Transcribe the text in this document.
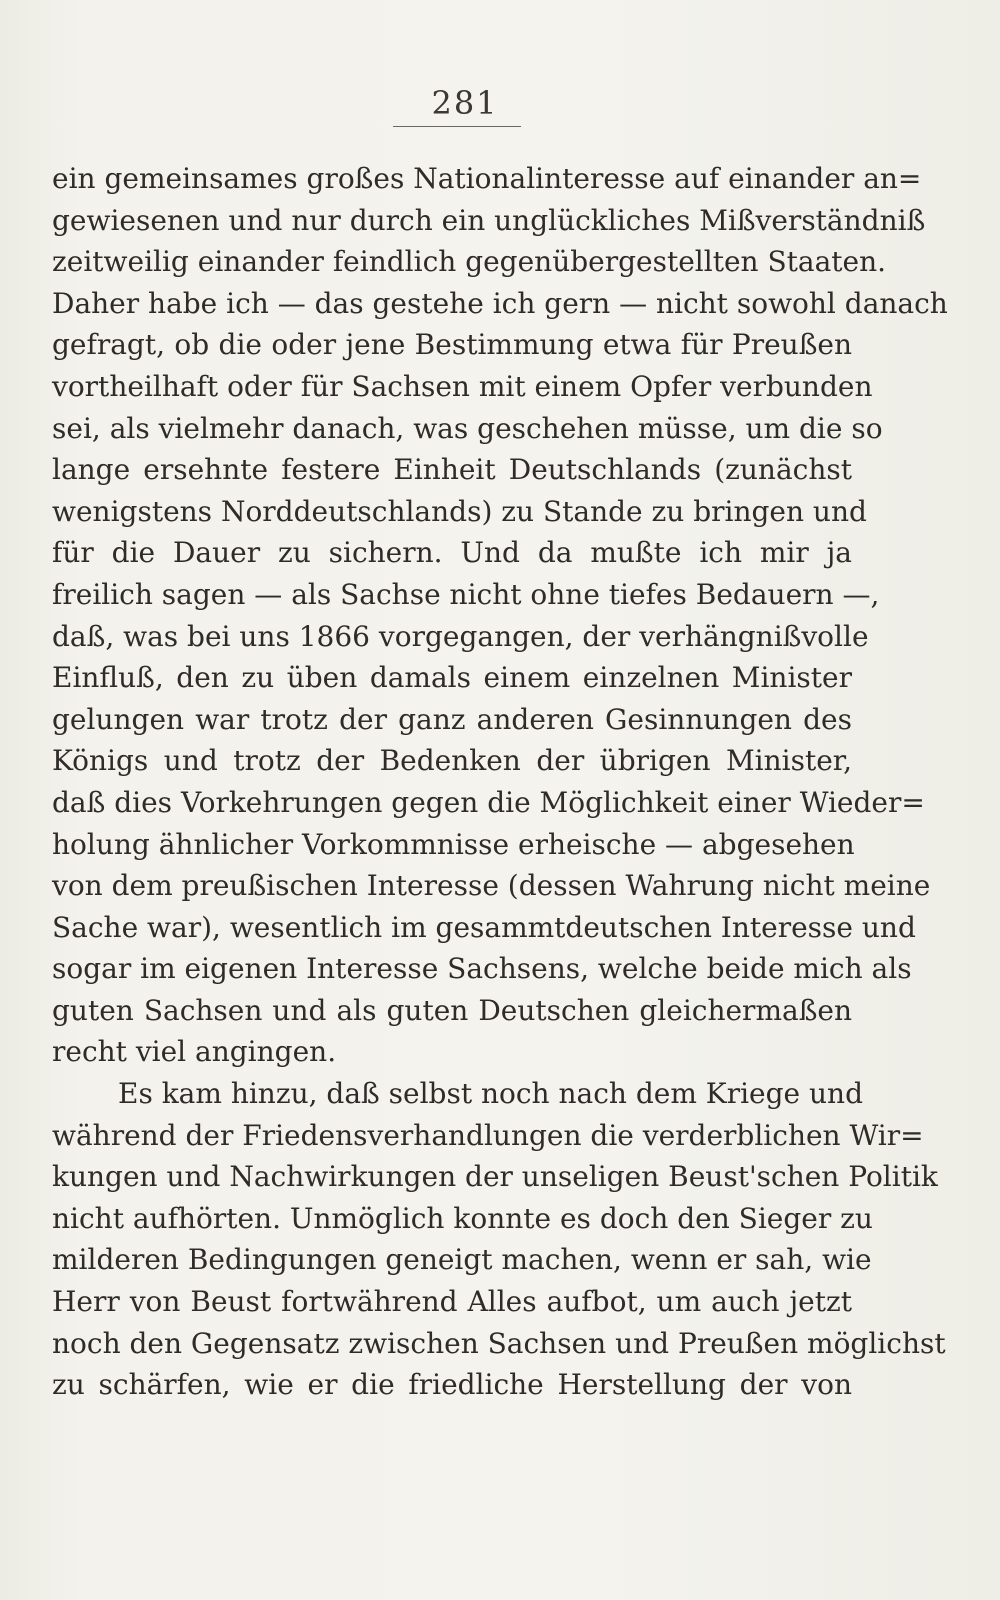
281
ein gemeinsames großes Nationalinteresse auf einander an=
gewiesenen und nur durch ein unglückliches Mißverständniß
zeitweilig einander feindlich gegenübergestellten Staaten.
Daher habe ich — das gestehe ich gern — nicht sowohl danach
gefragt, ob die oder jene Bestimmung etwa für Preußen
vortheilhaft oder für Sachsen mit einem Opfer verbunden
sei, als vielmehr danach, was geschehen müsse, um die so
lange ersehnte festere Einheit Deutschlands (zunächst
wenigstens Norddeutschlands) zu Stande zu bringen und
für die Dauer zu sichern. Und da mußte ich mir ja
freilich sagen — als Sachse nicht ohne tiefes Bedauern —,
daß, was bei uns 1866 vorgegangen, der verhängnißvolle
Einfluß, den zu üben damals einem einzelnen Minister
gelungen war trotz der ganz anderen Gesinnungen des
Königs und trotz der Bedenken der übrigen Minister,
daß dies Vorkehrungen gegen die Möglichkeit einer Wieder=
holung ähnlicher Vorkommnisse erheische — abgesehen
von dem preußischen Interesse (dessen Wahrung nicht meine
Sache war), wesentlich im gesammtdeutschen Interesse und
sogar im eigenen Interesse Sachsens, welche beide mich als
guten Sachsen und als guten Deutschen gleichermaßen
recht viel angingen.
Es kam hinzu, daß selbst noch nach dem Kriege und
während der Friedensverhandlungen die verderblichen Wir=
kungen und Nachwirkungen der unseligen Beust'schen Politik
nicht aufhörten. Unmöglich konnte es doch den Sieger zu
milderen Bedingungen geneigt machen, wenn er sah, wie
Herr von Beust fortwährend Alles aufbot, um auch jetzt
noch den Gegensatz zwischen Sachsen und Preußen möglichst
zu schärfen, wie er die friedliche Herstellung der von
